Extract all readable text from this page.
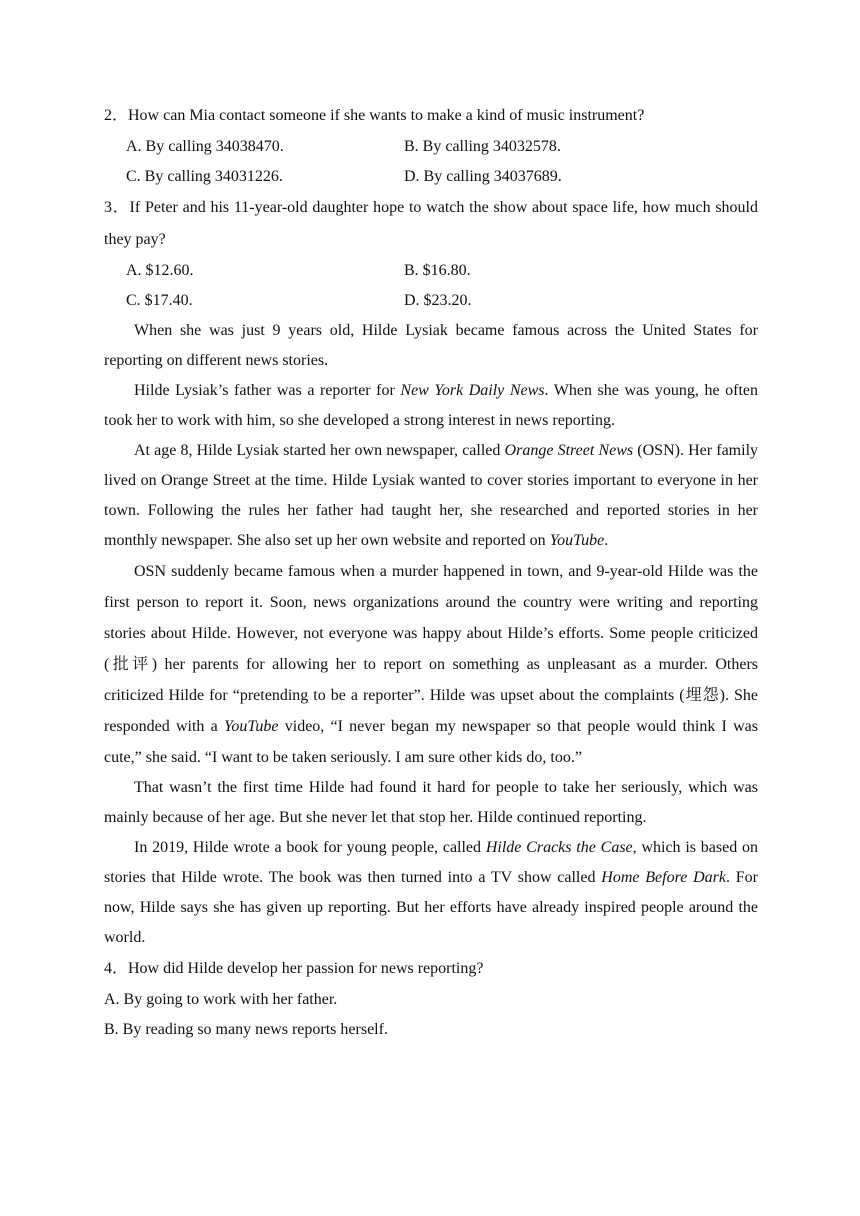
2．How can Mia contact someone if she wants to make a kind of music instrument?
A. By calling 34038470.	B. By calling 34032578.
C. By calling 34031226.	D. By calling 34037689.
3．If Peter and his 11-year-old daughter hope to watch the show about space life, how much should they pay?
A. $12.60.	B. $16.80.
C. $17.40.	D. $23.20.
When she was just 9 years old, Hilde Lysiak became famous across the United States for reporting on different news stories.
Hilde Lysiak’s father was a reporter for New York Daily News. When she was young, he often took her to work with him, so she developed a strong interest in news reporting.
At age 8, Hilde Lysiak started her own newspaper, called Orange Street News (OSN). Her family lived on Orange Street at the time. Hilde Lysiak wanted to cover stories important to everyone in her town. Following the rules her father had taught her, she researched and reported stories in her monthly newspaper. She also set up her own website and reported on YouTube.
OSN suddenly became famous when a murder happened in town, and 9-year-old Hilde was the first person to report it. Soon, news organizations around the country were writing and reporting stories about Hilde. However, not everyone was happy about Hilde’s efforts. Some people criticized (批评) her parents for allowing her to report on something as unpleasant as a murder. Others criticized Hilde for “pretending to be a reporter”. Hilde was upset about the complaints (埋怨). She responded with a YouTube video, “I never began my newspaper so that people would think I was cute,” she said. “I want to be taken seriously. I am sure other kids do, too.”
That wasn’t the first time Hilde had found it hard for people to take her seriously, which was mainly because of her age. But she never let that stop her. Hilde continued reporting.
In 2019, Hilde wrote a book for young people, called Hilde Cracks the Case, which is based on stories that Hilde wrote. The book was then turned into a TV show called Home Before Dark. For now, Hilde says she has given up reporting. But her efforts have already inspired people around the world.
4．How did Hilde develop her passion for news reporting?
A. By going to work with her father.
B. By reading so many news reports herself.
